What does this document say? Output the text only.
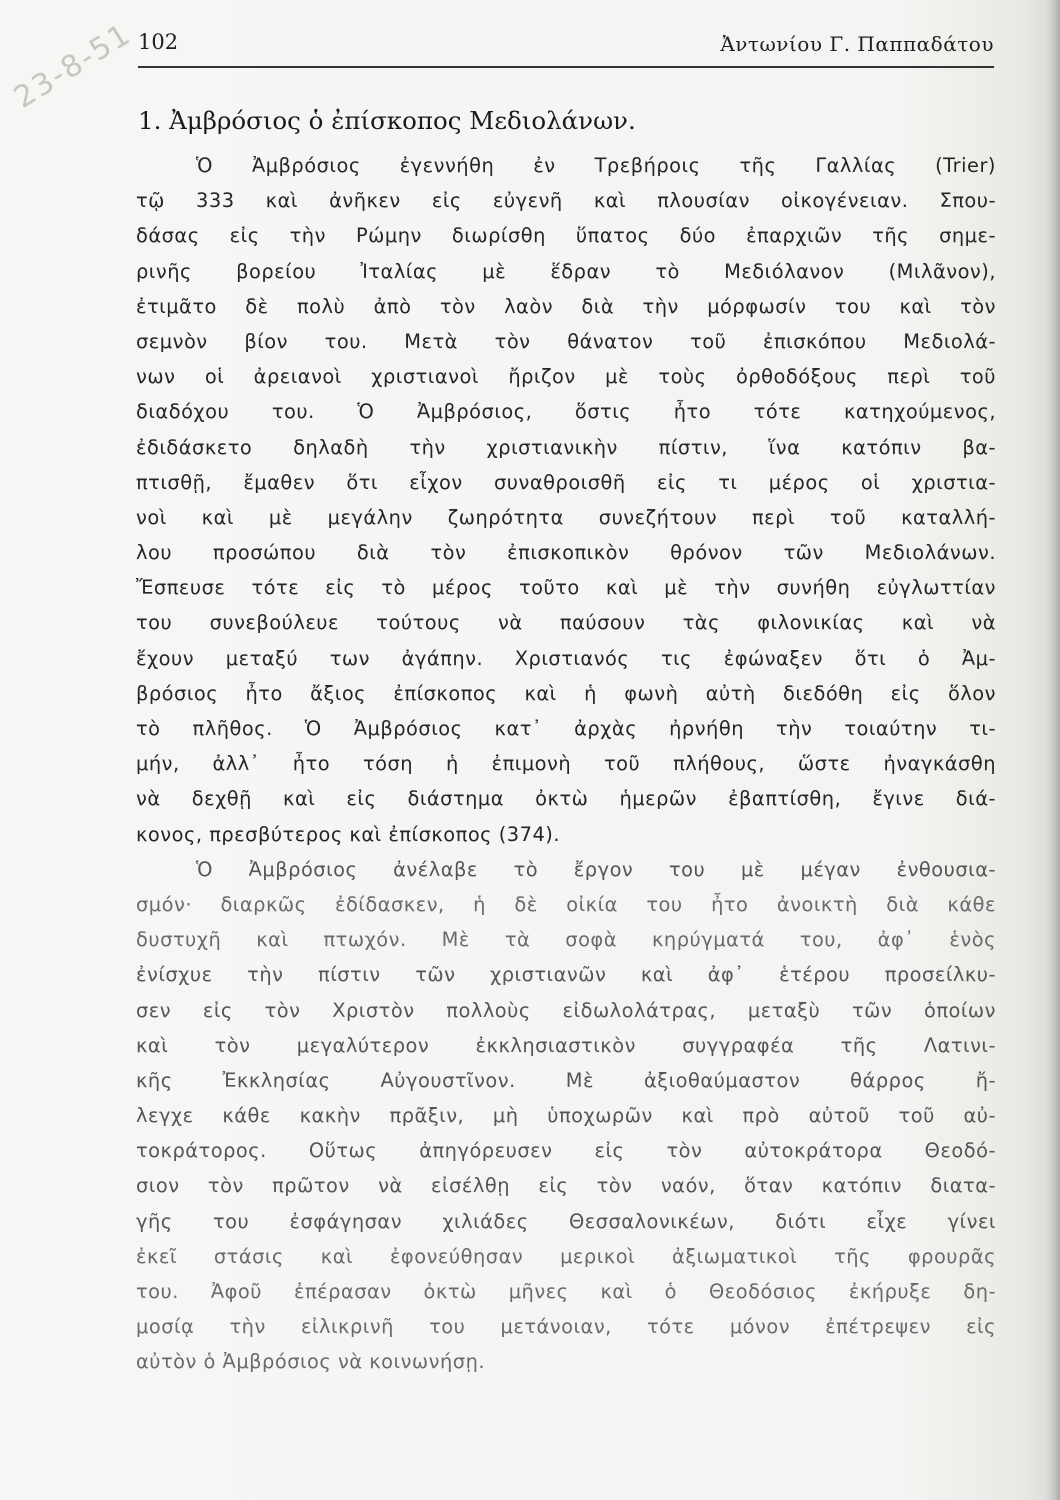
23-8-51 102	Ἀντωνίου Γ. Παππαδάτου
1. Ἀμβρόσιος ὁ ἐπίσκοπος Μεδιολάνων.
Ὁ Ἀμβρόσιος ἐγεννήθη ἐν Τρεβήροις τῆς Γαλλίας (Trier)
τῷ 333 καὶ ἀνῆκεν εἰς εὐγενῆ καὶ πλουσίαν οἰκογένειαν. Σπου-
δάσας εἰς τὴν Ρώμην διωρίσθη ὕπατος δύο ἐπαρχιῶν τῆς σημε-
ρινῆς βορείου Ἰταλίας μὲ ἕδραν τὸ Μεδιόλανον (Μιλᾶνον),
ἐτιμᾶτο δὲ πολὺ ἀπὸ τὸν λαὸν διὰ τὴν μόρφωσίν του καὶ τὸν
σεμνὸν βίον του. Μετὰ τὸν θάνατον τοῦ ἐπισκόπου Μεδιολά-
νων οἱ ἀρειανοὶ χριστιανοὶ ἤριζον μὲ τοὺς ὀρθοδόξους περὶ τοῦ
διαδόχου του. Ὁ Ἀμβρόσιος, ὅστις ἦτο τότε κατηχούμενος,
ἐδιδάσκετο δηλαδὴ τὴν χριστιανικὴν πίστιν, ἵνα κατόπιν βα-
πτισθῇ, ἔμαθεν ὅτι εἶχον συναθροισθῆ εἰς τι μέρος οἱ χριστια-
νοὶ καὶ μὲ μεγάλην ζωηρότητα συνεζήτουν περὶ τοῦ καταλλή-
λου προσώπου διὰ τὸν ἐπισκοπικὸν θρόνον τῶν Μεδιολάνων.
Ἔσπευσε τότε εἰς τὸ μέρος τοῦτο καὶ μὲ τὴν συνήθη εὐγλωττίαν
του συνεβούλευε τούτους νὰ παύσουν τὰς φιλονικίας καὶ νὰ
ἔχουν μεταξύ των ἀγάπην. Χριστιανός τις ἐφώναξεν ὅτι ὁ Ἀμ-
βρόσιος ἦτο ἄξιος ἐπίσκοπος καὶ ἡ φωνὴ αὐτὴ διεδόθη εἰς ὅλον
τὸ πλῆθος. Ὁ Ἀμβρόσιος κατ᾽ ἀρχὰς ἠρνήθη τὴν τοιαύτην τι-
μήν, ἀλλ᾽ ἦτο τόση ἡ ἐπιμονὴ τοῦ πλήθους, ὥστε ἠναγκάσθη
νὰ δεχθῇ καὶ εἰς διάστημα ὀκτὼ ἡμερῶν ἐβαπτίσθη, ἔγινε διά-
κονος, πρεσβύτερος καὶ ἐπίσκοπος (374).
Ὁ Ἀμβρόσιος ἀνέλαβε τὸ ἔργον του μὲ μέγαν ἐνθουσια-
σμόν· διαρκῶς ἐδίδασκεν, ἡ δὲ οἰκία του ἦτο ἀνοικτὴ διὰ κάθε
δυστυχῆ καὶ πτωχόν. Μὲ τὰ σοφὰ κηρύγματά του, ἀφ᾽ ἑνὸς
ἐνίσχυε τὴν πίστιν τῶν χριστιανῶν καὶ ἀφ᾽ ἑτέρου προσείλκυ-
σεν εἰς τὸν Χριστὸν πολλοὺς εἰδωλολάτρας, μεταξὺ τῶν ὁποίων
καὶ τὸν μεγαλύτερον ἐκκλησιαστικὸν συγγραφέα τῆς Λατινι-
κῆς Ἐκκλησίας Αὐγουστῖνον. Μὲ ἀξιοθαύμαστον θάρρος ἤ-
λεγχε κάθε κακὴν πρᾶξιν, μὴ ὑποχωρῶν καὶ πρὸ αὐτοῦ τοῦ αὐ-
τοκράτορος. Οὕτως ἀπηγόρευσεν εἰς τὸν αὐτοκράτορα Θεοδό-
σιον τὸν πρῶτον νὰ εἰσέλθῃ εἰς τὸν ναόν, ὅταν κατόπιν διατα-
γῆς του ἐσφάγησαν χιλιάδες Θεσσαλονικέων, διότι εἶχε γίνει
ἐκεῖ στάσις καὶ ἐφονεύθησαν μερικοὶ ἀξιωματικοὶ τῆς φρουρᾶς
του. Ἀφοῦ ἐπέρασαν ὀκτὼ μῆνες καὶ ὁ Θεοδόσιος ἐκήρυξε δη-
μοσίᾳ τὴν εἰλικρινῆ του μετάνοιαν, τότε μόνον ἐπέτρεψεν εἰς
αὐτὸν ὁ Ἀμβρόσιος νὰ κοινωνήσῃ.
